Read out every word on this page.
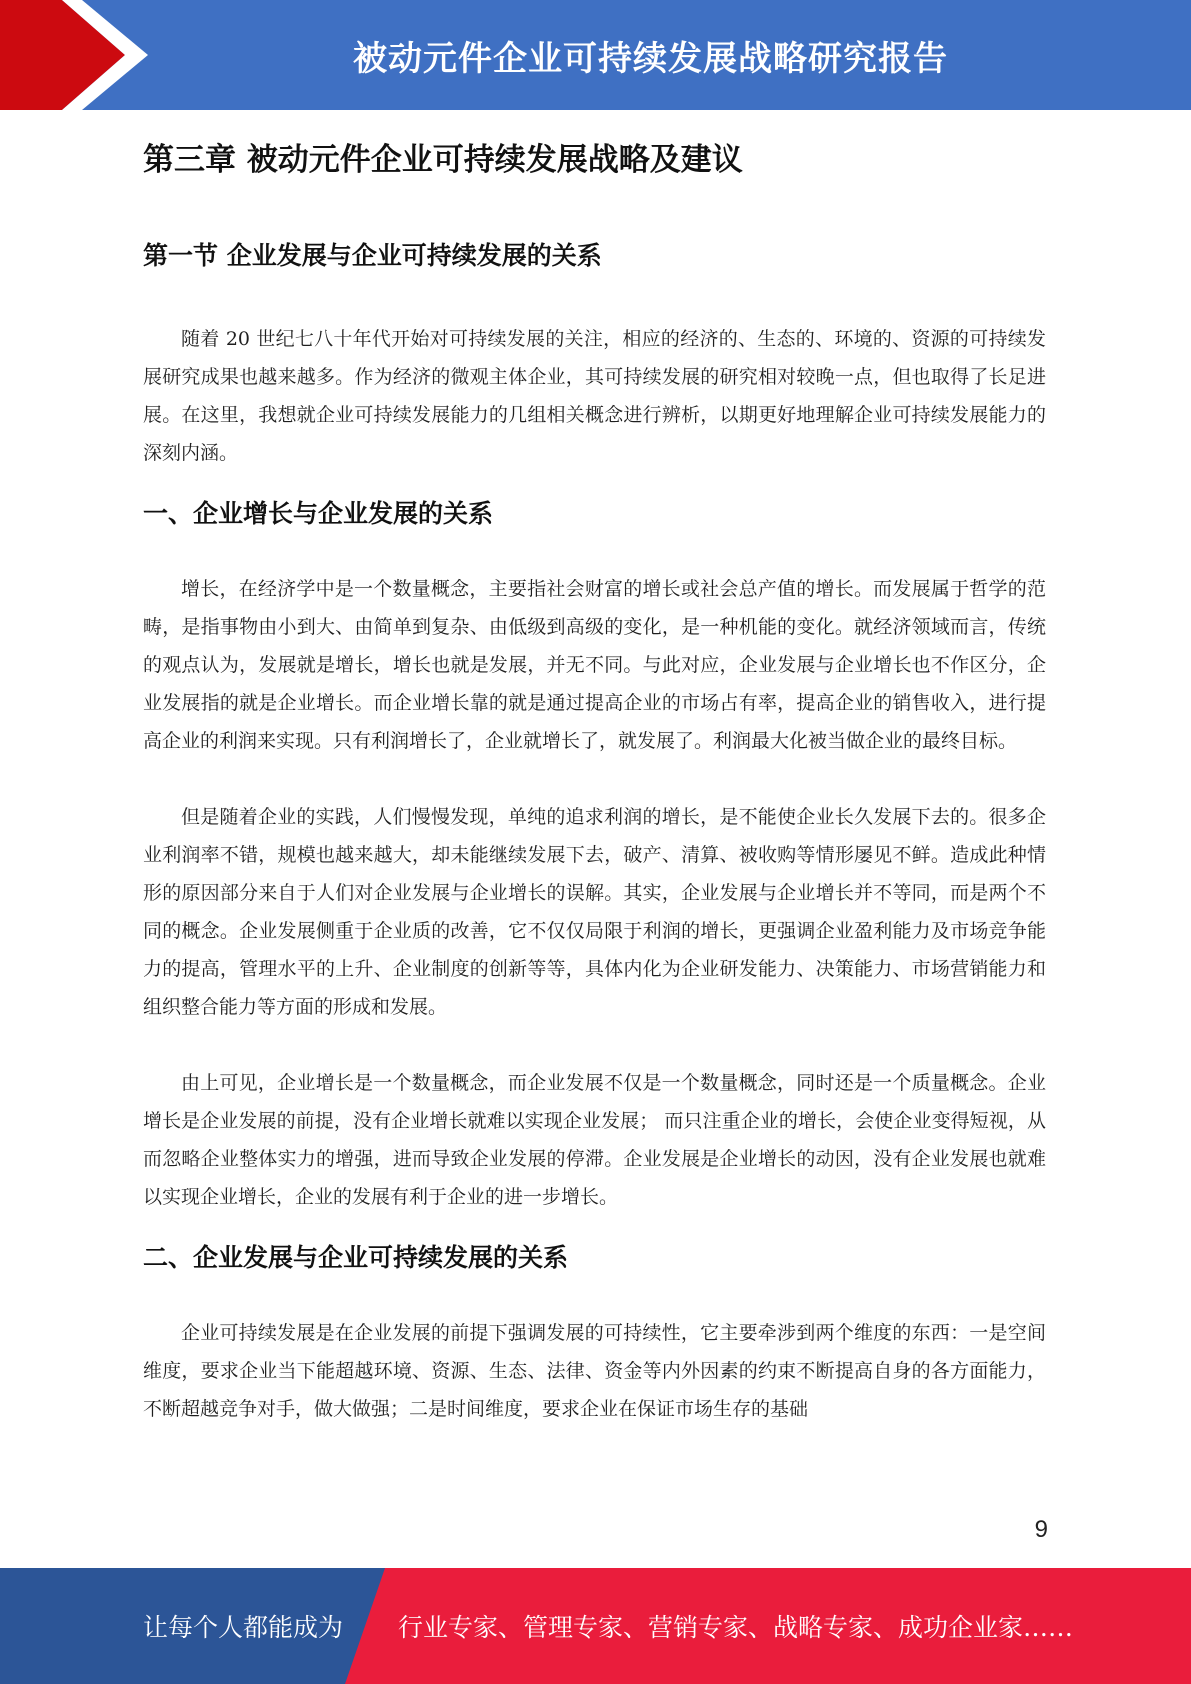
被动元件企业可持续发展战略研究报告
第三章 被动元件企业可持续发展战略及建议
第一节 企业发展与企业可持续发展的关系

随着 20 世纪七八十年代开始对可持续发展的关注，相应的经济的、生态的、环境的、资源的可持续发展研究成果也越来越多。作为经济的微观主体企业，其可持续发展的研究相对较晚一点，但也取得了长足进展。在这里，我想就企业可持续发展能力的几组相关概念进行辨析，以期更好地理解企业可持续发展能力的深刻内涵。

一、企业增长与企业发展的关系

增长，在经济学中是一个数量概念，主要指社会财富的增长或社会总产值的增长。而发展属于哲学的范畴，是指事物由小到大、由简单到复杂、由低级到高级的变化，是一种机能的变化。就经济领域而言，传统的观点认为，发展就是增长，增长也就是发展，并无不同。与此对应，企业发展与企业增长也不作区分，企业发展指的就是企业增长。而企业增长靠的就是通过提高企业的市场占有率，提高企业的销售收入，进行提高企业的利润来实现。只有利润增长了，企业就增长了，就发展了。利润最大化被当做企业的最终目标。

但是随着企业的实践，人们慢慢发现，单纯的追求利润的增长，是不能使企业长久发展下去的。很多企业利润率不错，规模也越来越大，却未能继续发展下去，破产、清算、被收购等情形屡见不鲜。造成此种情形的原因部分来自于人们对企业发展与企业增长的误解。其实，企业发展与企业增长并不等同，而是两个不同的概念。企业发展侧重于企业质的改善，它不仅仅局限于利润的增长，更强调企业盈利能力及市场竞争能力的提高，管理水平的上升、企业制度的创新等等，具体内化为企业研发能力、决策能力、市场营销能力和组织整合能力等方面的形成和发展。

由上可见，企业增长是一个数量概念，而企业发展不仅是一个数量概念，同时还是一个质量概念。企业增长是企业发展的前提，没有企业增长就难以实现企业发展； 而只注重企业的增长，会使企业变得短视，从而忽略企业整体实力的增强，进而导致企业发展的停滞。企业发展是企业增长的动因，没有企业发展也就难以实现企业增长，企业的发展有利于企业的进一步增长。

二、企业发展与企业可持续发展的关系

企业可持续发展是在企业发展的前提下强调发展的可持续性，它主要牵涉到两个维度的东西：一是空间维度，要求企业当下能超越环境、资源、生态、法律、资金等内外因素的约束不断提高自身的各方面能力，不断超越竞争对手，做大做强；二是时间维度，要求企业在保证市场生存的基础

9
让每个人都能成为 行业专家、管理专家、营销专家、战略专家、成功企业家……
